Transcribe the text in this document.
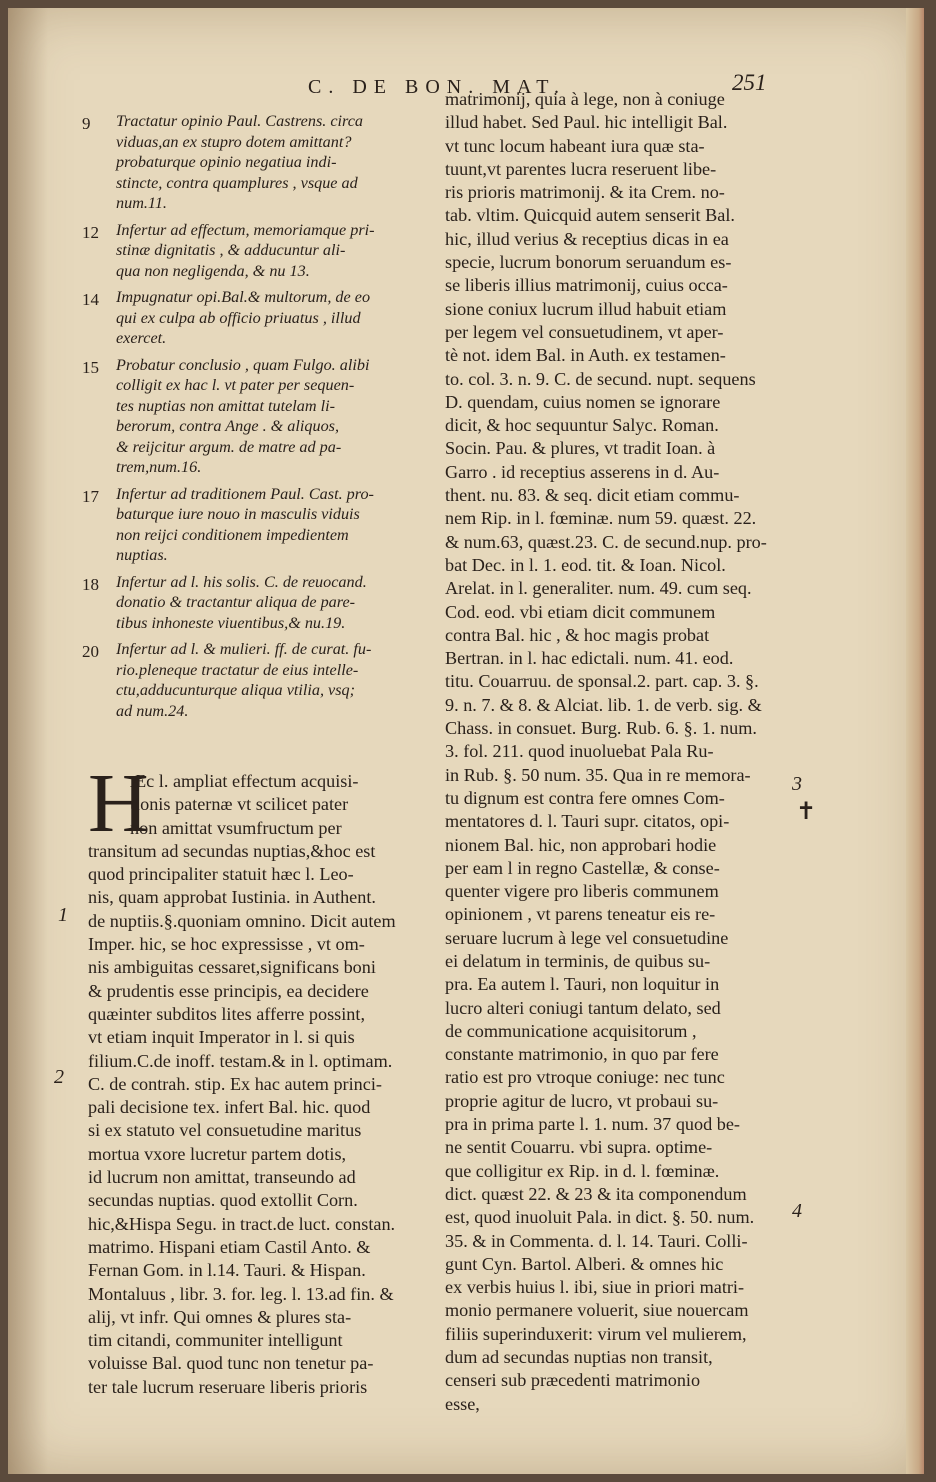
C. DE BON. MAT.	251
9 Tractatur opinio Paul. Castrens. circa
viduas,an ex stupro dotem amittant?
probaturque opinio negatiua indi-
stincte, contra quamplures , vsque ad
num.11.
12 Infertur ad effectum, memoriamque pri-
stinæ dignitatis , & adducuntur ali-
qua non negligenda, & nu 13.
14 Impugnatur opi.Bal.& multorum, de eo
qui ex culpa ab officio priuatus , illud
exercet.
15 Probatur conclusio , quam Fulgo. alibi
colligit ex hac l. vt pater per sequen-
tes nuptias non amittat tutelam li-
berorum, contra Ange . & aliquos,
& reijcitur argum. de matre ad pa-
trem,num.16.
17 Infertur ad traditionem Paul. Cast. pro-
baturque iure nouo in masculis viduis
non reijci conditionem impedientem
nuptias.
18 Infertur ad l. his solis. C. de reuocand.
donatio & tractantur aliqua de pare-
tibus inhoneste viuentibus,& nu.19.
20 Infertur ad l. & mulieri. ff. de curat. fu-
rio.pleneque tractatur de eius intelle-
ctu,adducunturque aliqua vtilia, vsq;
ad num.24.
H
Æc l. ampliat effectum acquisi-
tionis paternæ vt scilicet pater
non amittat vsumfructum per
transitum ad secundas nuptias,&hoc est
quod principaliter statuit hæc l. Leo-
nis, quam approbat Iustinia. in Authent.
de nuptiis.§.quoniam omnino. Dicit autem
Imper. hic, se hoc expressisse , vt om-
nis ambiguitas cessaret,significans boni
& prudentis esse principis, ea decidere
quæinter subditos lites afferre possint,
vt etiam inquit Imperator in l. si quis
filium.C.de inoff. testam.& in l. optimam.
C. de contrah. stip. Ex hac autem princi-
pali decisione tex. infert Bal. hic. quod
si ex statuto vel consuetudine maritus
mortua vxore lucretur partem dotis,
id lucrum non amittat, transeundo ad
secundas nuptias. quod extollit Corn.
hic,&Hispa Segu. in tract.de luct. constan.
matrimo. Hispani etiam Castil Anto. &
Fernan Gom. in l.14. Tauri. & Hispan.
Montaluus , libr. 3. for. leg. l. 13.ad fin. &
alij, vt infr. Qui omnes & plures sta-
tim citandi, communiter intelligunt
voluisse Bal. quod tunc non tenetur pa-
ter tale lucrum reseruare liberis prioris
matrimonij, quia à lege, non à coniuge
illud habet. Sed Paul. hic intelligit Bal.
vt tunc locum habeant iura quæ sta-
tuunt,vt parentes lucra reseruent libe-
ris prioris matrimonij. & ita Crem. no-
tab. vltim. Quicquid autem senserit Bal.
hic, illud verius & receptius dicas in ea
specie, lucrum bonorum seruandum es-
se liberis illius matrimonij, cuius occa-
sione coniux lucrum illud habuit etiam
per legem vel consuetudinem, vt aper-
tè not. idem Bal. in Auth. ex testamen-
to. col. 3. n. 9. C. de secund. nupt. sequens
D. quendam, cuius nomen se ignorare
dicit, & hoc sequuntur Salyc. Roman.
Socin. Pau. & plures, vt tradit Ioan. à
Garro . id receptius asserens in d. Au-
thent. nu. 83. & seq. dicit etiam commu-
nem Rip. in l. fœminæ. num 59. quæst. 22.
& num.63, quæst.23. C. de secund.nup. pro-
bat Dec. in l. 1. eod. tit. & Ioan. Nicol.
Arelat. in l. generaliter. num. 49. cum seq.
Cod. eod. vbi etiam dicit communem
contra Bal. hic , & hoc magis probat
Bertran. in l. hac edictali. num. 41. eod.
titu. Couarruu. de sponsal.2. part. cap. 3. §.
9. n. 7. & 8. & Alciat. lib. 1. de verb. sig. &
Chass. in consuet. Burg. Rub. 6. §. 1. num.
3. fol. 211. quod inuoluebat Pala Ru-
in Rub. §. 50 num. 35. Qua in re memora-
tu dignum est contra fere omnes Com-
mentatores d. l. Tauri supr. citatos, opi-
nionem Bal. hic, non approbari hodie
per eam l in regno Castellæ, & conse-
quenter vigere pro liberis communem
opinionem , vt parens teneatur eis re-
seruare lucrum à lege vel consuetudine
ei delatum in terminis, de quibus su-
pra. Ea autem l. Tauri, non loquitur in
lucro alteri coniugi tantum delato, sed
de communicatione acquisitorum ,
constante matrimonio, in quo par fere
ratio est pro vtroque coniuge: nec tunc
proprie agitur de lucro, vt probaui su-
pra in prima parte l. 1. num. 37 quod be-
ne sentit Couarru. vbi supra. optime-
que colligitur ex Rip. in d. l. fœminæ.
dict. quæst 22. & 23 & ita componendum
est, quod inuoluit Pala. in dict. §. 50. num.
35. & in Commenta. d. l. 14. Tauri. Colli-
gunt Cyn. Bartol. Alberi. & omnes hic
ex verbis huius l. ibi, siue in priori matri-
monio permanere voluerit, siue nouercam
filiis superinduxerit: virum vel mulierem,
dum ad secundas nuptias non transit,
censeri sub præcedenti matrimonio
esse,
1
2
3
✝
4
